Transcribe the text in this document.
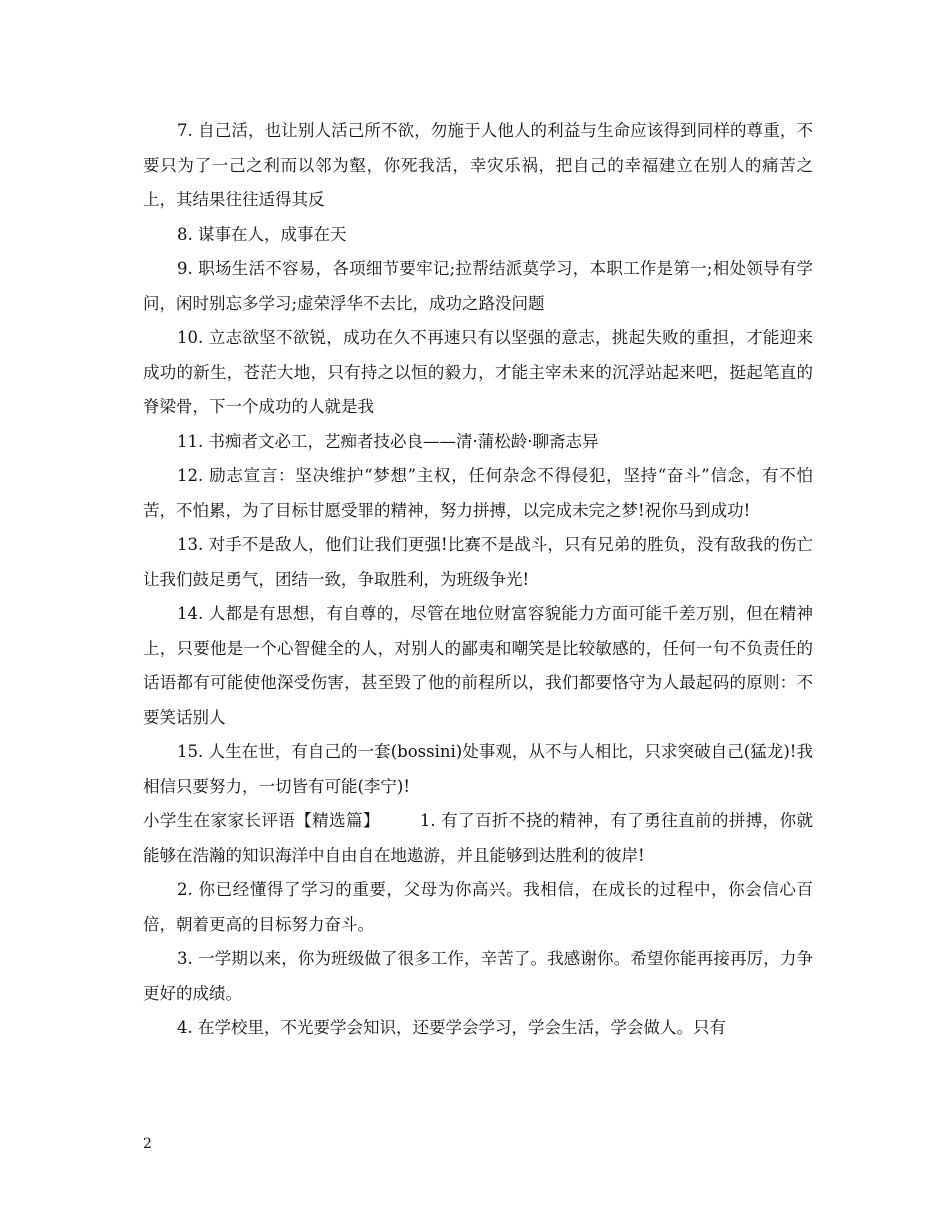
7. 自己活，也让别人活己所不欲，勿施于人他人的利益与生命应该得到同样的尊重，不要只为了一己之利而以邻为壑，你死我活，幸灾乐祸，把自己的幸福建立在别人的痛苦之上，其结果往往适得其反

8. 谋事在人，成事在天

9. 职场生活不容易，各项细节要牢记;拉帮结派莫学习，本职工作是第一;相处领导有学问，闲时别忘多学习;虚荣浮华不去比，成功之路没问题

10. 立志欲坚不欲锐，成功在久不再速只有以坚强的意志，挑起失败的重担，才能迎来成功的新生，苍茫大地，只有持之以恒的毅力，才能主宰未来的沉浮站起来吧，挺起笔直的脊梁骨，下一个成功的人就是我

11. 书痴者文必工，艺痴者技必良——清·蒲松龄·聊斋志异

12. 励志宣言：坚决维护“梦想”主权，任何杂念不得侵犯，坚持“奋斗”信念，有不怕苦，不怕累，为了目标甘愿受罪的精神，努力拼搏，以完成未完之梦!祝你马到成功!

13. 对手不是敌人，他们让我们更强!比赛不是战斗，只有兄弟的胜负，没有敌我的伤亡让我们鼓足勇气，团结一致，争取胜利，为班级争光!

14. 人都是有思想，有自尊的，尽管在地位财富容貌能力方面可能千差万别，但在精神上，只要他是一个心智健全的人，对别人的鄙夷和嘲笑是比较敏感的，任何一句不负责任的话语都有可能使他深受伤害，甚至毁了他的前程所以，我们都要恪守为人最起码的原则：不要笑话别人

15. 人生在世，有自己的一套(bossini)处事观，从不与人相比，只求突破自己(猛龙)!我相信只要努力，一切皆有可能(李宁)!

小学生在家家长评语【精选篇】 1. 有了百折不挠的精神，有了勇往直前的拼搏，你就能够在浩瀚的知识海洋中自由自在地遨游，并且能够到达胜利的彼岸!

2. 你已经懂得了学习的重要，父母为你高兴。我相信，在成长的过程中，你会信心百倍，朝着更高的目标努力奋斗。

3. 一学期以来，你为班级做了很多工作，辛苦了。我感谢你。希望你能再接再厉，力争更好的成绩。

4. 在学校里，不光要学会知识，还要学会学习，学会生活，学会做人。只有

2
